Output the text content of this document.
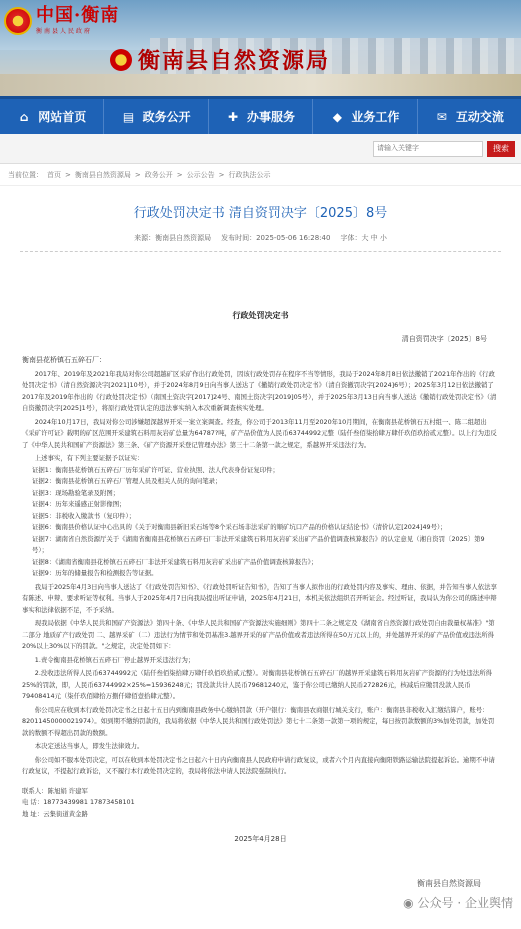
中国·衡南
衡南县人民政府
衡南县自然资源局
⌂ 网站首页	▤ 政务公开	✚ 办事服务	◆ 业务工作	✉ 互动交流
请输入关键字
搜索
当前位置： 首页 > 衡南县自然资源局 > 政务公开 > 公示公告 > 行政执法公示
行政处罚决定书 清自资罚决字〔2025〕8号
来源：衡南县自然资源局 发布时间：2025-05-06 16:28:40 字体：大 中 小
行政处罚决定书
清自资罚决字〔2025〕8号
衡南县花桥镇石五碎石厂：
2017年、2019年及2021年我局对你公司超越矿区采矿作出行政处罚，因该行政处罚存在程序不当等情形，我局于2024年8月8日依法撤销了2021年作出的《行政处罚决定书》（清自然资源决字[2021]10号），并于2024年8月9日向当事人送达了《撤销行政处罚决定书》（清自资撤罚决字[2024]6号）；2025年3月12日依法撤销了2017年及2019年作出的《行政处罚决定书》（南国土资决字[2017]24号、南国土资决字[2019]05号），并于2025年3月13日向当事人送达《撤销行政处罚决定书》（清自资撤罚决字[2025]1号），将原行政处罚认定的违法事实纳入本次重新调查核实处理。
2024年10月17日，我局对你公司涉嫌超深越界开采一案立案调查。经查，你公司于2013年11月至2020年10月期间，在衡南县花桥镇石五村组一、陈二组超出《采矿许可证》载明的矿区范围开采建筑石料用灰岩矿总量为64787?吨，矿产品价值为人民币63744992元整（陆仟叁佰柒拾肆万肆仟玖佰玖拾贰元整）。以上行为违反了《中华人民共和国矿产资源法》第三条、《矿产资源开采登记管理办法》第三十二条第一款之规定，系越界开采违法行为。
上述事实，有下列主要证据予以证实：
证据1：衡南县花桥镇石五碎石厂历年采矿许可证、营业执照、法人代表身份证复印件；
证据2：衡南县花桥镇石五碎石厂管理人员及相关人员的询问笔录；
证据3：现场勘验笔录及附图；
证据4：历年来遥感正射影像图；
证据5：非税收入缴款书（复印件）；
证据6：衡南县价格认证中心出具的《关于对衡南县新旧采石场等8个采石场非法采矿的顺矿坑口产品的价格认证结论书》（清价认定[2024]49号）；
证据7：湖南省自然资源厅关于《湖南省衡南县花桥镇石五碎石厂非法开采建筑石料用灰岩矿采出矿产品价值调查核算报告》的认定意见（湘自资罚〔2025〕第9号）；
证据8：《湖南省衡南县花桥镇石五碎石厂非法开采建筑石料用灰岩矿采出矿产品价值调查核算报告》；
证据9：历年的储量报告和检测报告等证据。
我局于2025年4月3日向当事人送达了《行政处罚告知书》、《行政处罚听证告知书》，告知了当事人拟作出的行政处罚内容及事实、理由、依据，并告知当事人依法享有陈述、申辩、要求听证等权利。当事人于2025年4月7日向我局提出听证申请，2025年4月21日，本机关依法组织召开听证会。经过听证，我局认为你公司的陈述申辩事实和法律依据不足，不予采纳。
现我局依据《中华人民共和国矿产资源法》第四十条、《中华人民共和国矿产资源法实施细则》第四十二条之规定及《湖南省自然资源行政处罚自由裁量权基准》"第二部分 地质矿产行政处罚 二、越界采矿（二）违法行为情节和处罚基准3.越界开采的矿产品价值或者违法所得在50万元以上的，并处越界开采的矿产品价值或违法所得20%以上30%以下的罚款。"之规定，决定处罚如下：
1.责令衡南县花桥镇石五碎石厂停止越界开采违法行为；
2.没收违法所得人民币63744992元（陆仟叁佰柒拾肆万肆仟玖佰玖拾贰元整）。对衡南县花桥镇石五碎石厂的越界开采建筑石料用灰岩矿产资源的行为处违法所得25%的罚款，即，人民币63744992×25%=15936248元；罚没款共计人民币79681240元，鉴于你公司已缴纳人民币272826元，核减后应缴罚没款人民币79408414元（柒仟玖佰肆拾万捌仟肆佰壹拾肆元整）。
你公司应在收到本行政处罚决定书之日起十五日内到衡南县政务中心缴纳罚款（开户银行：衡南县农商银行城关支行，账户：衡南县非税收入汇缴结算户，账号：82011450000021974）。如到期不缴纳罚款的，我局将依据《中华人民共和国行政处罚法》第七十二条第一款第一项的规定，每日按罚款数额的3%加处罚款，加处罚款的数额不得超出罚款的数额。
本决定送达当事人，即发生法律效力。
你公司如不服本处罚决定，可以在收到本处罚决定书之日起六十日内向衡南县人民政府申请行政复议，或者六个月内直接向衡阳铁路运输法院提起诉讼。逾期不申请行政复议，不提起行政诉讼，又不履行本行政处罚决定的，我局将依法申请人民法院强制执行。
联系人：陈旭娟 许建军
电 话：18773439981 17873458101
地 址：云集街道黄金路
2025年4月28日
衡南县自然资源局
◉ 公众号 · 企业舆情
